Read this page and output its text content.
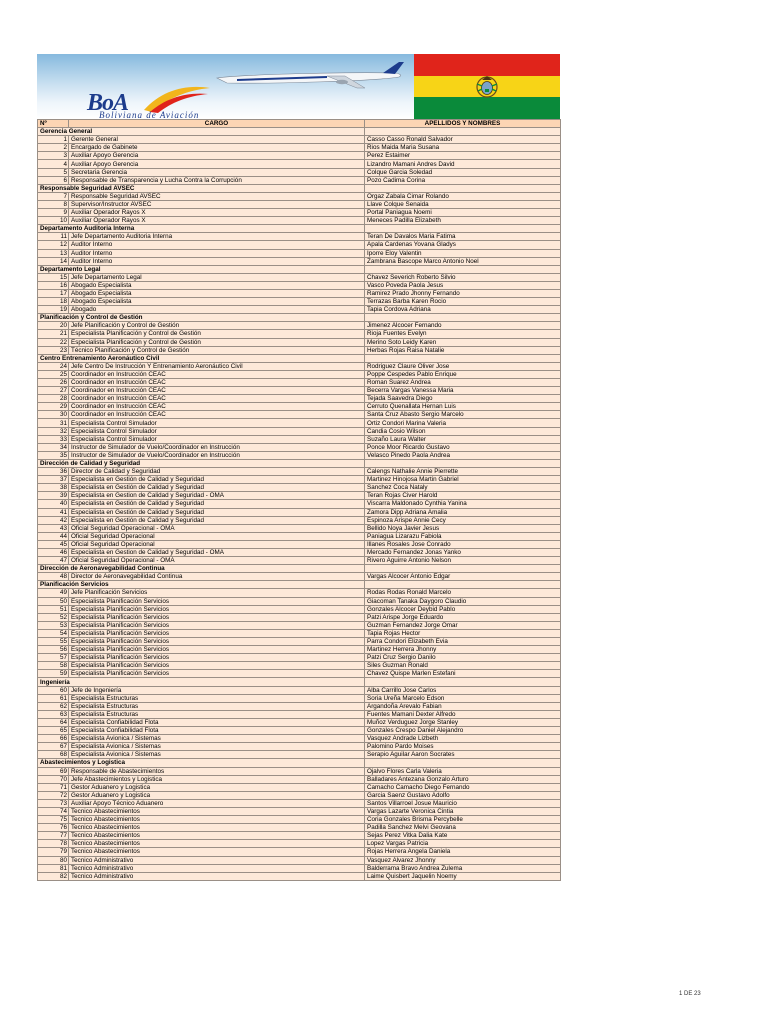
BoA
Boliviana de Aviación
Nº	CARGO	APELLIDOS Y NOMBRES
Gerencia General		
1	Gerente General	Casso Casso Ronald Salvador
2	Encargado de Gabinete	Rios Maida Maria Susana
3	Auxiliar Apoyo Gerencia	Perez Estaimer
4	Auxiliar Apoyo Gerencia	Lizandro Mamani Andres David
5	Secretaria Gerencia	Colque Garcia Soledad
6	Responsable de Transparencia y Lucha Contra la Corrupción	Pozo Cadima Corina
Responsable Seguridad AVSEC		
7	Responsable Seguridad AVSEC	Orgaz Zabala Cimar Rolando
8	Supervisor/Instructor AVSEC	Llave Colque Senaida
9	Auxiliar Operador Rayos X	Portal Paniagua Noemi
10	Auxiliar Operador Rayos X	Meneces Padilla Elizabeth
Departamento Auditoria Interna		
11	Jefe Departamento Auditoria Interna	Teran De Davalos Maria Fatima
12	Auditor Interno	Apala Cardenas Yovana Gladys
13	Auditor Interno	Iporre Eloy Valentin
14	Auditor Interno	Zambrana Bascope Marco Antonio Noel
Departamento Legal		
15	Jefe Departamento Legal	Chavez Severich Roberto Silvio
16	Abogado Especialista	Vasco Poveda Paola Jesus
17	Abogado Especialista	Ramirez Prado Jhonny Fernando
18	Abogado Especialista	Terrazas Barba Karen Rocio
19	Abogado	Tapia Cordova Adriana
Planificación y Control de Gestión		
20	Jefe Planificación y Control de Gestión	Jimenez Alcocer Fernando
21	Especialista Planificación y Control de Gestión	Rioja Fuentes Evelyn
22	Especialista Planificación y Control de Gestión	Merino Soto Leidy Karen
23	Técnico Planificación y Control de Gestión	Herbas Rojas Raisa Natalie
Centro Entrenamiento Aeronáutico Civil		
24	Jefe Centro De Instrucción Y Entrenamiento Aeronáutico Civil	Rodriguez Claure Oliver Jose
25	Coordinador en Instrucción CEAC	Poppe Cespedes Pablo Enrique
26	Coordinador en Instrucción CEAC	Roman Suarez Andrea
27	Coordinador en Instrucción CEAC	Becerra Vargas Vanessa Maria
28	Coordinador en Instrucción CEAC	Tejada Saavedra Diego
29	Coordinador en Instrucción CEAC	Cerruto Quenallata Hernan Luis
30	Coordinador en Instrucción CEAC	Santa Cruz Abasto Sergio Marcelo
31	Especialista Control Simulador	Ortiz Condori Marina Valeria
32	Especialista Control Simulador	Candia Cosio Wilson
33	Especialista Control Simulador	Suzaño Laura Walter
34	Instructor de Simulador de Vuelo/Coordinador en Instrucción	Ponce Moor Ricardo Gustavo
35	Instructor de Simulador de Vuelo/Coordinador en Instrucción	Velasco Pinedo Paola Andrea
Dirección de Calidad y Seguridad		
36	Director de Calidad y Seguridad	Calengs Nathalie Annie Pierrette
37	Especialista en Gestión de Calidad y Seguridad	Martinez Hinojosa Martin Gabriel
38	Especialista en Gestión de Calidad y Seguridad	Sanchez Coca Nataly
39	Especialista en Gestion de Calidad y Seguridad - OMA	Teran Rojas Civer Harold
40	Especialista en Gestión de Calidad y Seguridad	Viscarra Maldonado Cynthia Yanina
41	Especialista en Gestión de Calidad y Seguridad	Zamora Dipp Adriana Amalia
42	Especialista en Gestión de Calidad y Seguridad	Espinoza Arispe Annie Cecy
43	Oficial Seguridad Operacional - OMA	Bellido Noya Javier Jesus
44	Oficial Seguridad Operacional	Paniagua Lizarazu Fabiola
45	Oficial Seguridad Operacional	Illanes Rosales Jose Conrado
46	Especialista en Gestion de Calidad y Seguridad - OMA	Mercado Fernandez Jonas Yanko
47	Oficial Seguridad Operacional - OMA	Rivero Aguirre Antonio Nelson
Dirección de Aeronavegabilidad Continua		
48	Director de Aeronavegabilidad Continua	Vargas Alcocer Antonio Edgar
Planificación Servicios		
49	Jefe Planificación Servicios	Rodas Rodas Ronald Marcelo
50	Especialista Planificación Servicios	Giacoman Tanaka Daygoro Claudio
51	Especialista Planificación Servicios	Gonzales Alcocer Deybid Pablo
52	Especialista Planificación Servicios	Patzi Arispe Jorge Eduardo
53	Especialista Planificación Servicios	Guzman Fernandez Jorge Omar
54	Especialista Planificación Servicios	Tapia Rojas Hector
55	Especialista Planificación Servicios	Parra Condori Elizabeth Evia
56	Especialista Planificación Servicios	Martinez Herrera Jhonny
57	Especialista Planificación Servicios	Patzi Cruz Sergio Danilo
58	Especialista Planificación Servicios	Siles Guzman Ronald
59	Especialista Planificación Servicios	Chavez Quispe Marlen Estefani
Ingeniería		
60	Jefe de Ingeniería	Alba Carrillo Jose Carlos
61	Especialista Estructuras	Soria Ureña Marcelo Edson
62	Especialista Estructuras	Argandoña Arevalo Fabian
63	Especialista Estructuras	Fuentes Mamani Dexter Alfredo
64	Especialista Confiabilidad Flota	Muñoz Verduguez Jorge Stanley
65	Especialista Confiabilidad Flota	Gonzales Crespo Daniel Alejandro
66	Especialista Avionica / Sistemas	Vasquez Andrade Lizbeth
67	Especialista Avionica / Sistemas	Palomino Pardo Moises
68	Especialista Avionica / Sistemas	Serapio Aguilar Aaron Socrates
Abastecimientos y Logistica		
69	Responsable de Abastecimientos	Ojalvo Flores Carla Valeria
70	Jefe Abastecimientos y Logistica	Balladares Antezana Gonzalo Arturo
71	Gestor Aduanero y Logistica	Camacho Camacho Diego Fernando
72	Gestor Aduanero y Logistica	Garcia Saenz Gustavo Adolfo
73	Auxiliar Apoyo Técnico Aduanero	Santos Villarroel Josue Mauricio
74	Tecnico Abastecimientos	Vargas Lazarte Veronica Cintia
75	Tecnico Abastecimientos	Coria Gonzales Brisma Percybelle
76	Tecnico Abastecimientos	Padilla Sanchez Melvi Geovana
77	Tecnico Abastecimientos	Sejas Perez Vitka Dalia Kate
78	Tecnico Abastecimientos	Lopez Vargas Patricia
79	Tecnico Abastecimientos	Rojas Herrera Angela Daniela
80	Tecnico Administrativo	Vasquez Alvarez Jhonny
81	Tecnico Administrativo	Balderrama Bravo Andrea Zulema
82	Tecnico Administrativo	Laime Quisbert Jaquelin Noemy
1 DE 23
